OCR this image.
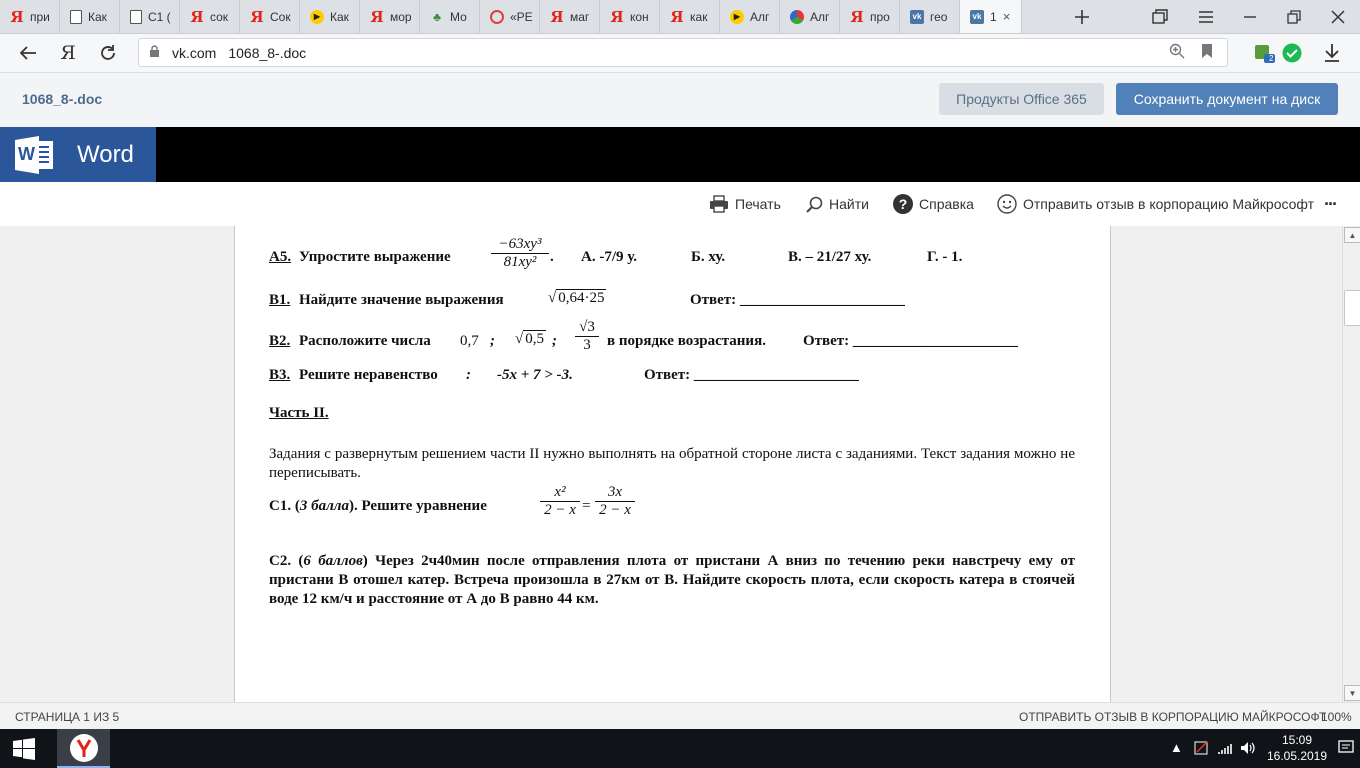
Я при	Как	С1 ( Я сок Я Сок	▶ Как Я мор ♣ Мо	«РЕ Я маг Я кон Я как	▶ Алг	Алг Я про	vk гео	vk 1 ×
Я	vk.com 1068_8-.doc	2
1068_8-.doc	Продукты Office 365	Сохранить документ на диск
W Word
Печать	Найти ? Справка	Отправить отзыв в корпорацию Майкрософт ···
А5. Упростите выражение	$\frac{\text{−63xy³}}{\text{81xy²}}$ . А. -7/9 у.	Б. ху.	В. – 21/27 ху.	Г. - 1.
В1. Найдите значение выражения	√ 0,64·25	Ответ: ______________________
В2. Расположите числа 0,7 ; √ 0,5 ; $\frac{√3}{3}$ в порядке возрастания. Ответ: ______________________
В3. Решите неравенство : -5x + 7 > -3.	Ответ: ______________________
Часть II.
Задания с развернутым решением части II нужно выполнять на обратной стороне листа с заданиями. Текст задания можно не переписывать.
С1. (3 балла). Решите уравнение	$\frac{\text{x²}}{2 - x} = \frac{3x}{2 - x}$
С2. (6 баллов) Через 2ч40мин после отправления плота от пристани А вниз по течению реки навстречу ему от пристани В отошел катер. Встреча произошла в 27км от В. Найдите скорость плота, если скорость катера в стоячей воде 12 км/ч и расстояние от А до В равно 44 км.
▲
▼
СТРАНИЦА 1 ИЗ 5	ОТПРАВИТЬ ОТЗЫВ В КОРПОРАЦИЮ МАЙКРОСОФТ
100%
▲	15:09
16.05.2019
